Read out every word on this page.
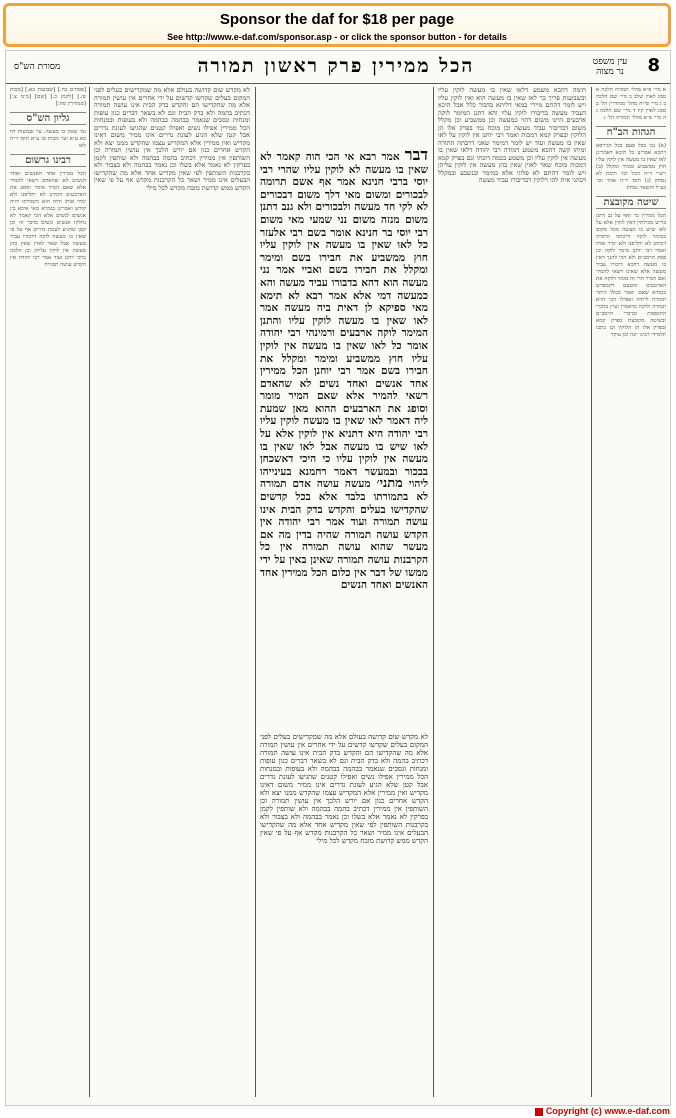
Sponsor the daf for $18 per page
See http://www.e-daf.com/sponsor.asp - or click the sponsor button - for details
8
עין משפט נר מצוה
הכל ממירין פרק ראשון תמורה
מסורת הש"ס
א מיי׳ פ״א מהל׳ תמורה הלכה א סמג לאוין שלב ב מיי׳ שם הלכה ב ג מיי׳ פי״ח מהל׳ סנהדרין הל׳ ב סמג לאוין קיז ד מיי׳ שם הלכה ג ה מיי׳ פ״א מהל׳ תמורה הל׳ ג
הגהות הב"ח
(א) גמ׳ בכל פעם בכל הגירסא דהכא אמרינן כל היכא דאמרינן לאו שאין בו מעשה אין לוקין עליו חוץ ממשביע וממיר ומקלל (ב) רש״י ד״ה הכל וכו׳ תיבת לא נמחק (ג) תוס׳ ד״ה אמר וכו׳ כצ״ל והשאר נמחק
שיטה מקובצת
הכל ממירין כו׳ ואף על גב דתנן בריש מכילתין דאין לוקין אלא על לאו שיש בו מעשה מכל מקום במימר לוקה דרבתה התורה דכתיב לא יחליפנו ולא ימיר אותו ואמר רבי יוחנן מימר לוקה וכן פסק הרמב״ם ולא דמי להנך דאין בו מעשה דהכא דיבורו עביד מעשה אלא שאינו רשאי להמיר ואם המיר הרי זה מומר ולוקה את הארבעים והטעם דקמפרש בגמרא שאם יאמר בכלל היתר תמורה ליתיה ואפילו הכי הויא תמורה ולוקה כדאמרן ועיין בדברי התוספות ובדברי הרמב״ם ובשיטה מקובצת בפרק קמא ובפרק אלו הן הלוקין וכן כתבו תלמידי רבינו יונה וכן עיקר
תימה דהכא משמע דלאו שאין בו מעשה לוקין עליו ובשבועות פריך בר לאו שאין בו מעשה הוא ואין לוקין עליו ויש לומר דהתם מיירי במאי דליתא בדבור כלל אבל היכא דעביד מעשה בדיבורו לוקין עליו והא דתנן המימר לוקה ארבעים היינו משום דהוי כמעשה וכן ממשביע וכן מקלל משום דבדיבור עביד מעשה וכן מוכח נמי בפרק אלו הן הלוקין ובפרק קמא דמכות ואמר רבי יוחנן אין לוקין על לאו שאין בו מעשה ועוד יש לומר דמימר שאני דרבתה התורה ומיהו קשה דהכא משמע דמודה רבי יהודה דלאו שאין בו מעשה אין לוקין עליו וכן משמע בכמה דוכתי וגם בפרק קמא דמכות מוכח שאר לאוין שאין בהן מעשה אין לוקין עליהן ויש לומר דהתם לא פליגי אלא במימר ובנשבע ובמקלל דבהני אית להו דלוקין דבדיבורו עביד מעשה
דבר אמר רבא אי הכי הוה קאמר לא שאין בו מעשה לא לוקין עליו שהרי רבי יוסי ברבי חנינא אמר אף אשם תרומה לבכורים ומשום מאי דלך משום דבכורים לא לקי חד מעשה ולבכורים ולא גנב דתנן משום מנזה משום נני שמעי מאי משום רבי יוסי בר חנינא אומר בשם רבי אלעזר כל לאו שאין בו מעשה אין לוקין עליו חוץ ממשביע את חבירו בשם ומימר ומקלל את חבירו בשם ואביי אמר נני מעשה הוא דהא בדבורו עביד מעשה והא כמעשה דמי אלא אמר רבא לא תימא מאי ספיקא לן דאית ביה מעשה אמר לאו שאין בו מעשה לוקין עליו והתנן המימר לוקה ארבעים ורמינהי רבי יהודה אומר כל לאו שאין בו מעשה אין לוקין עליו חוץ ממשביע ומימר ומקלל את חבירו בשם אמר רבי יוחנן הכל ממירין אחד אנשים ואחד נשים לא שהאדם רשאי להמיר אלא שאם המיר מומר וסופג את הארבעים ההוא מאן שמעת ליה דאמר לאו שאין בו מעשה לוקין עליו רבי יהודה היא דתניא אין לוקין אלא על לאו שיש בו מעשה אבל לאו שאין בו מעשה אין לוקין עליו כי היכי דאשכחן בבכור ובמעשר דאמר רחמנא בעינייהו ליהוי מתני׳ מעשה עושה אדם תמורה לא בתמורתו בלבד אלא בכל קדשים שהקדישו בעלים והקדש בדק הבית אינו עושה תמורה ועוד אמר רבי יהודה אין הקדש עושה תמורה שהיה בדין מה אם מעשר שהוא עושה תמורה אין כל הקרבנות עושה תמורה שאינן באין על ידי ממשו של דבר אין כלום הכל ממירין אחד האנשים ואחד הנשים
לא מקדש שום קדושה בעולם אלא מה שמקדישים בעלים לפני המקום בעלים שקדשו קדשים על ידי אחרים אין עושין תמורה אלא מה שהקדישו הם והקדש בדק הבית אינו עושה תמורה דכתיב בהמה ולא בדק הבית וגם לא בשאר דברים כגון עופות ומנחות ונסכים שנאמר בבהמה בבהמה ולא בעופות ובמנחות הכל ממירין אפילו נשים ואפילו קטנים שהגיעו לעונת נדרים אבל קטן שלא הגיע לעונת נדרים אינו ממיר משום דאינו מקדיש ואין ממירין אלא המקדיש עצמו שהקדש ממנו יצא ולא הקדש אחרים כגון אם יורש הלכך אין עושין תמורה וכן השותפין אין ממירין דכתיב בהמה בבהמה ולא שותפין לקמן בפרקין לא נאמר אלא בשלו וכן נאמר בבהמה ולא בצבור ולא בקרבנות השותפין לפי שאין מקדיש אחד אלא מה שהקדישו הבעלים אינו ממיר ושאר כל הקרבנות מקדש אף על פי שאין הקדש ממש קדושת מזבח מקדש לכל מילי
לא מקדש שום קדושה בעולם אלא מה שמקדישים בעלים לפני המקום בעלים שקדשו קדשים על ידי אחרים אין עושין תמורה אלא מה שהקדישו הם והקדש בדק הבית אינו עושה תמורה דכתיב בהמה ולא בדק הבית וגם לא בשאר דברים כגון עופות ומנחות ונסכים שנאמר בבהמה בבהמה ולא בעופות ובמנחות הכל ממירין אפילו נשים ואפילו קטנים שהגיעו לעונת נדרים אבל קטן שלא הגיע לעונת נדרים אינו ממיר משום דאינו מקדיש ואין ממירין אלא המקדיש עצמו שהקדש ממנו יצא ולא הקדש אחרים כגון אם יורש הלכך אין עושין תמורה וכן השותפין אין ממירין דכתיב בהמה בבהמה ולא שותפין לקמן בפרקין לא נאמר אלא בשלו וכן נאמר בבהמה ולא בצבור ולא בקרבנות השותפין לפי שאין מקדיש אחד אלא מה שהקדישו הבעלים אינו ממיר ושאר כל הקרבנות מקדש אף על פי שאין הקדש ממש קדושת מזבח מקדש לכל מילי
[פסחים כח.] [שבועות כא.] [מכות טז.] [לקמן כ.] [שם] [ב״מ צ:] [סנהדרין סה:]
גליון הש"ס
גמ׳ שאין בו מעשה. עי׳ שבועות דף כא ע״א ועי׳ מכות טז ע״א תוס׳ ד״ה לאו
רבינו גרשום
הכל ממירין אחד האנשים ואחד הנשים לא שהאדם רשאי להמיר אלא שאם המיר מומר וסופג את הארבעים דכתיב לא יחליפנו ולא ימיר אותו והיה הוא ותמורתו יהיה קודש ואמרינן בגמרא מאי איכא בין אנשים לנשים אלא הכי קאמר לא נחלקו אנשים ונשים בדבר זה וכן קטן שהגיע לעונת נדרים אף על פי שאין בו מעשה לוקה דדבורו עביד מעשה אבל שאר לאוין שאין בהן מעשה אין לוקין עליהן וכן הלכה כרבי יוחנן ועוד אמר רבי יהודה אין הקדש עושה תמורה
Copyright (c) www.e-daf.com
